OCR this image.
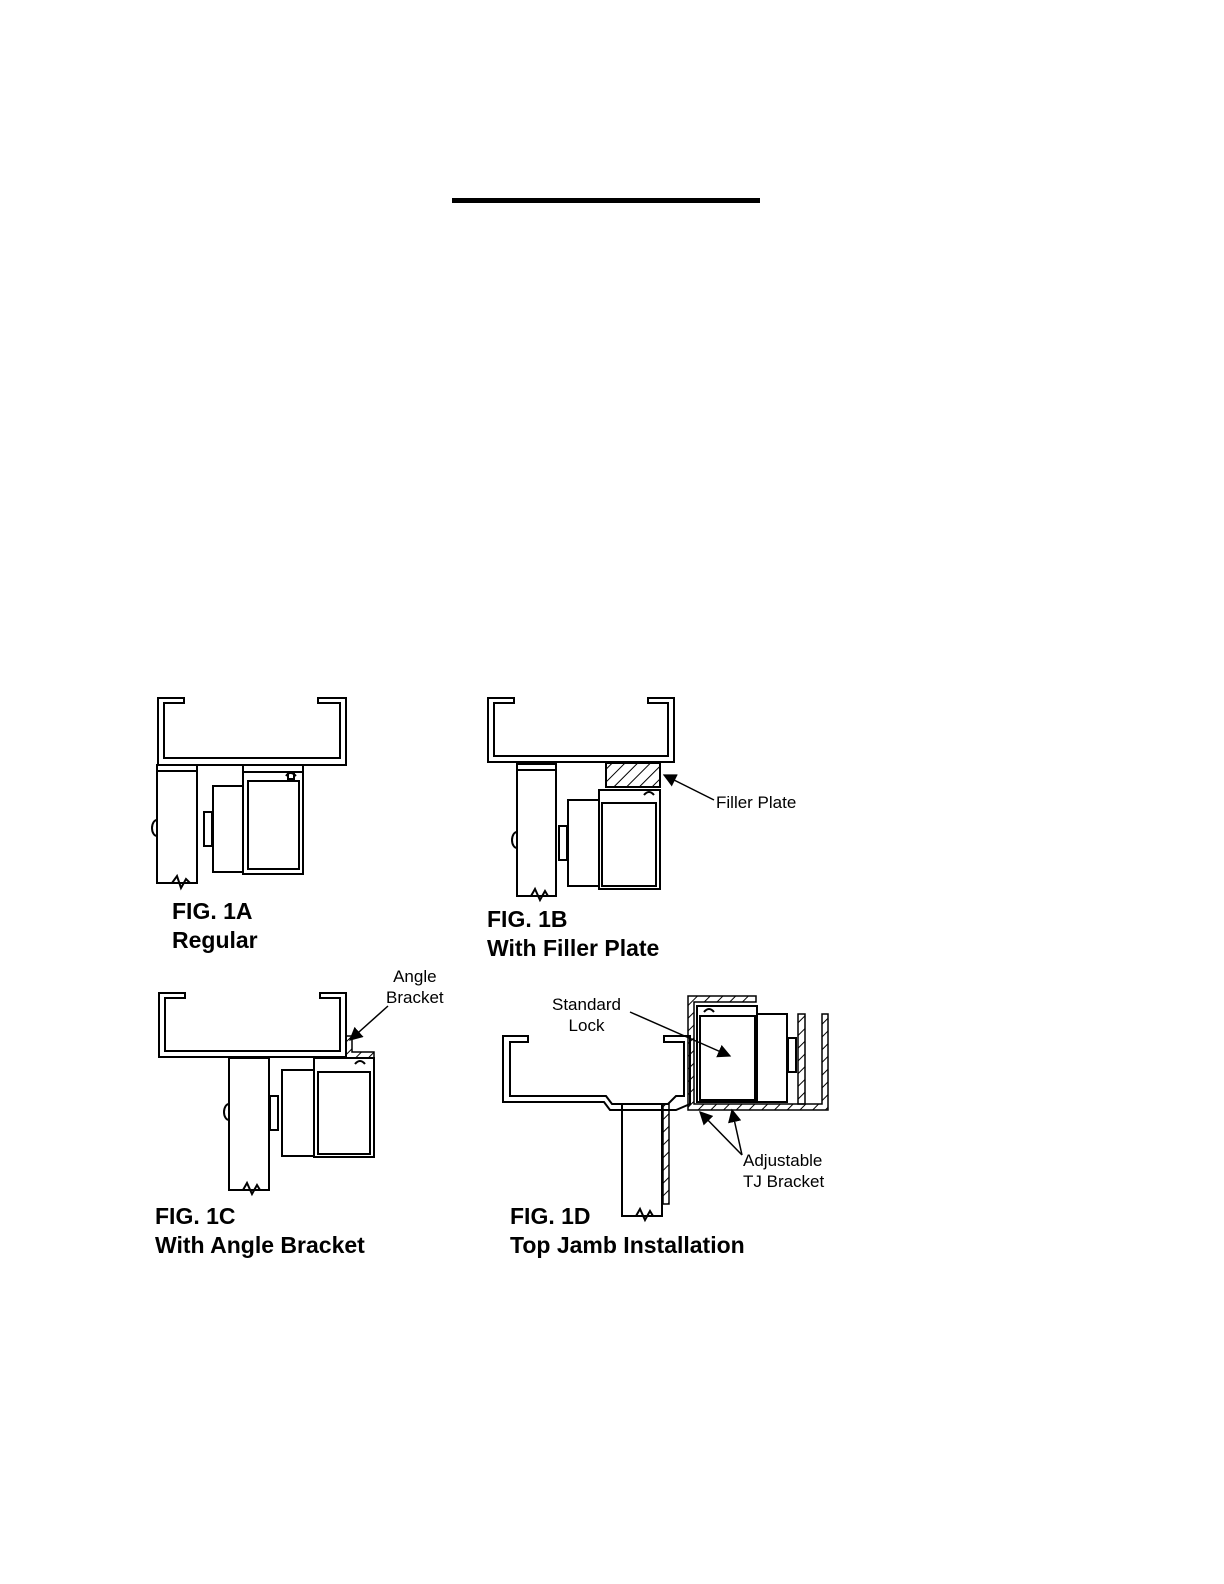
FIG. 1A
Regular
Filler Plate
FIG. 1B
With Filler Plate
Angle
Bracket
FIG. 1C
With Angle Bracket
Standard
Lock
Adjustable
TJ Bracket
FIG. 1D
Top Jamb Installation
